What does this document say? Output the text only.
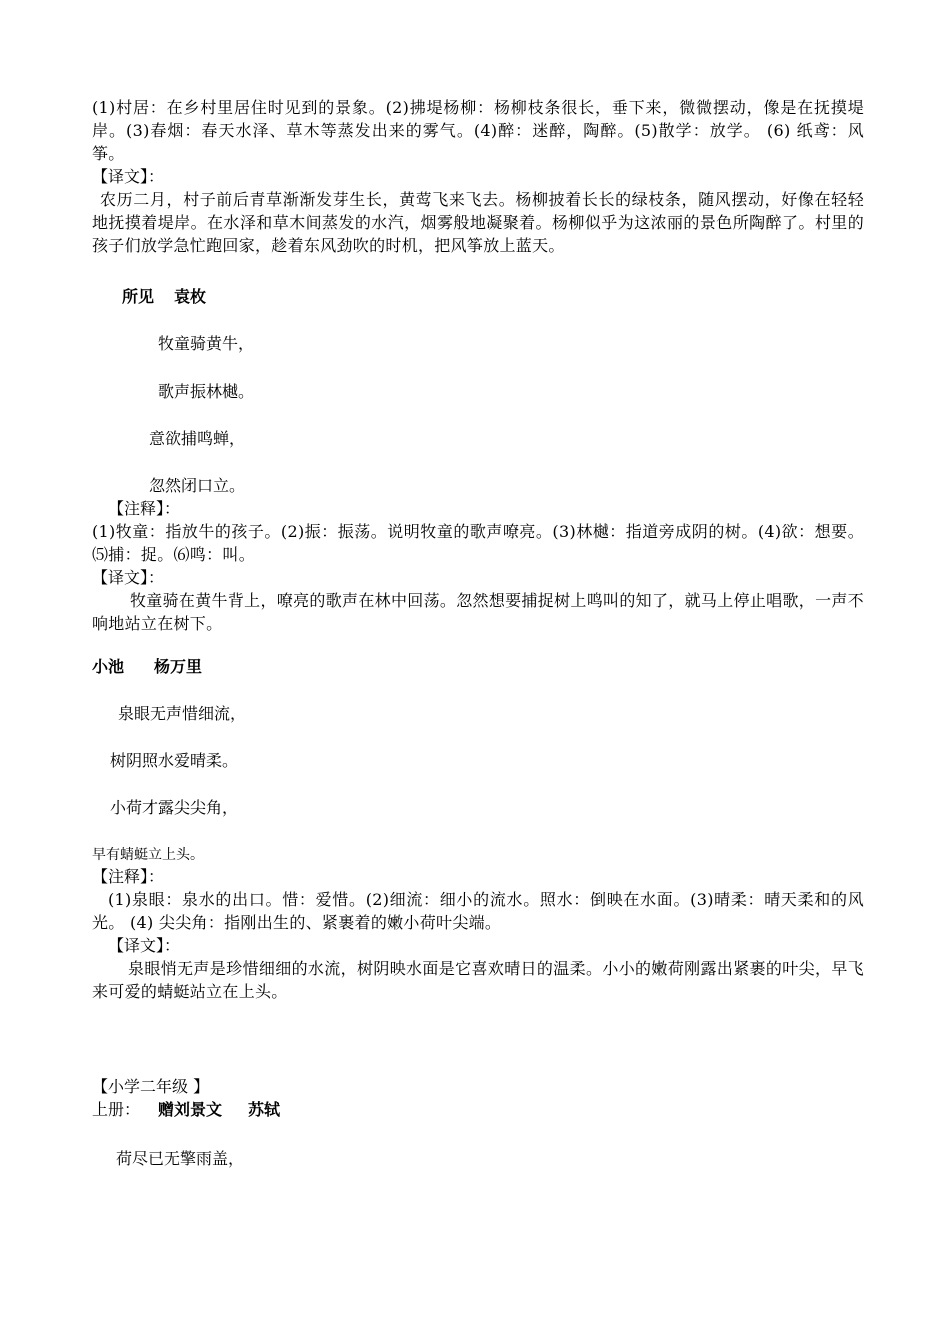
(1)村居：在乡村里居住时见到的景象。(2)拂堤杨柳：杨柳枝条很长，垂下来，微微摆动，像是在抚摸堤岸。(3)春烟：春天水泽、草木等蒸发出来的雾气。(4)醉：迷醉，陶醉。(5)散学：放学。 (6) 纸鸢：风筝。

【译文】：

农历二月，村子前后青草渐渐发芽生长，黄莺飞来飞去。杨柳披着长长的绿枝条，随风摆动，好像在轻轻地抚摸着堤岸。在水泽和草木间蒸发的水汽，烟雾般地凝聚着。杨柳似乎为这浓丽的景色所陶醉了。村里的孩子们放学急忙跑回家，趁着东风劲吹的时机，把风筝放上蓝天。

所见 袁枚

牧童骑黄牛，

歌声振林樾。

意欲捕鸣蝉，

忽然闭口立。

【注释】：

(1)牧童：指放牛的孩子。(2)振：振荡。说明牧童的歌声嘹亮。(3)林樾：指道旁成阴的树。(4)欲：想要。⑸捕：捉。⑹鸣：叫。

【译文】：

牧童骑在黄牛背上，嘹亮的歌声在林中回荡。忽然想要捕捉树上鸣叫的知了，就马上停止唱歌，一声不响地站立在树下。

小池 杨万里

泉眼无声惜细流，

树阴照水爱晴柔。

小荷才露尖尖角，

早有蜻蜓立上头。

【注释】：

(1)泉眼：泉水的出口。惜：爱惜。(2)细流：细小的流水。照水：倒映在水面。(3)晴柔：晴天柔和的风光。 (4) 尖尖角：指刚出生的、紧裹着的嫩小荷叶尖端。

【译文】：

泉眼悄无声是珍惜细细的水流，树阴映水面是它喜欢晴日的温柔。小小的嫩荷刚露出紧裹的叶尖，早飞来可爱的蜻蜓站立在上头。

【小学二年级 】

上册： 赠刘景文 苏轼

荷尽已无擎雨盖，
